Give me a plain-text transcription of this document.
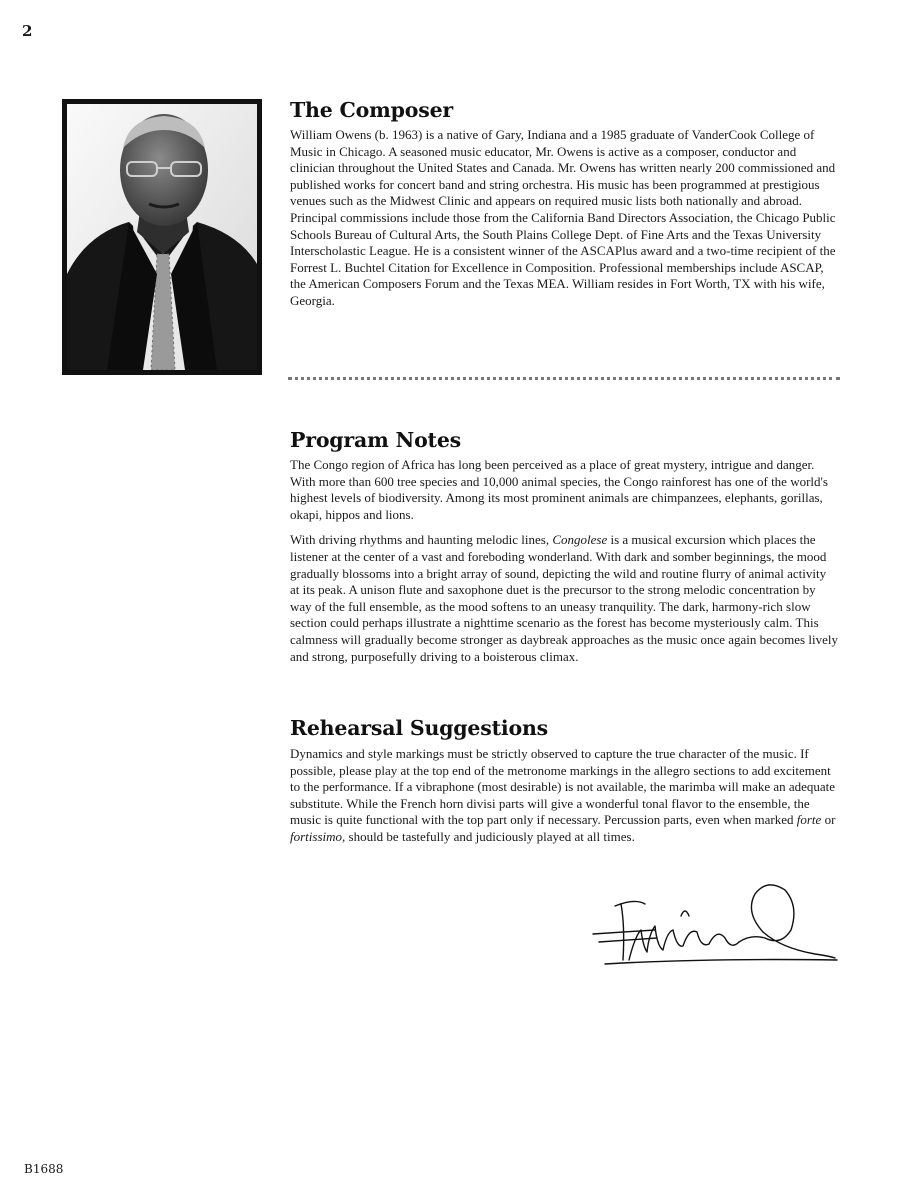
2
The Composer

William Owens (b. 1963) is a native of Gary, Indiana and a 1985 graduate of VanderCook College of Music in Chicago. A seasoned music educator, Mr. Owens is active as a composer, conductor and clinician throughout the United States and Canada. Mr. Owens has written nearly 200 commissioned and published works for concert band and string orchestra. His music has been programmed at prestigious venues such as the Midwest Clinic and appears on required music lists both nationally and abroad. Principal commissions include those from the California Band Directors Association, the Chicago Public Schools Bureau of Cultural Arts, the South Plains College Dept. of Fine Arts and the Texas University Interscholastic League. He is a consistent winner of the ASCAPlus award and a two-time recipient of the Forrest L. Buchtel Citation for Excellence in Composition. Professional memberships include ASCAP, the American Composers Forum and the Texas MEA. William resides in Fort Worth, TX with his wife, Georgia.

Program Notes

The Congo region of Africa has long been perceived as a place of great mystery, intrigue and danger. With more than 600 tree species and 10,000 animal species, the Congo rainforest has one of the world's highest levels of biodiversity. Among its most prominent animals are chimpanzees, elephants, gorillas, okapi, hippos and lions.

With driving rhythms and haunting melodic lines, Congolese is a musical excursion which places the listener at the center of a vast and foreboding wonderland. With dark and somber beginnings, the mood gradually blossoms into a bright array of sound, depicting the wild and routine flurry of animal activity at its peak. A unison flute and saxophone duet is the precursor to the strong melodic concentration by way of the full ensemble, as the mood softens to an uneasy tranquility. The dark, harmony-rich slow section could perhaps illustrate a nighttime scenario as the forest has become mysteriously calm. This calmness will gradually become stronger as daybreak approaches as the music once again becomes lively and strong, purposefully driving to a boisterous climax.

Rehearsal Suggestions

Dynamics and style markings must be strictly observed to capture the true character of the music. If possible, please play at the top end of the metronome markings in the allegro sections to add excitement to the performance. If a vibraphone (most desirable) is not available, the marimba will make an adequate substitute. While the French horn divisi parts will give a wonderful tonal flavor to the ensemble, the music is quite functional with the top part only if necessary. Percussion parts, even when marked forte or fortissimo, should be tastefully and judiciously played at all times.

B1688
